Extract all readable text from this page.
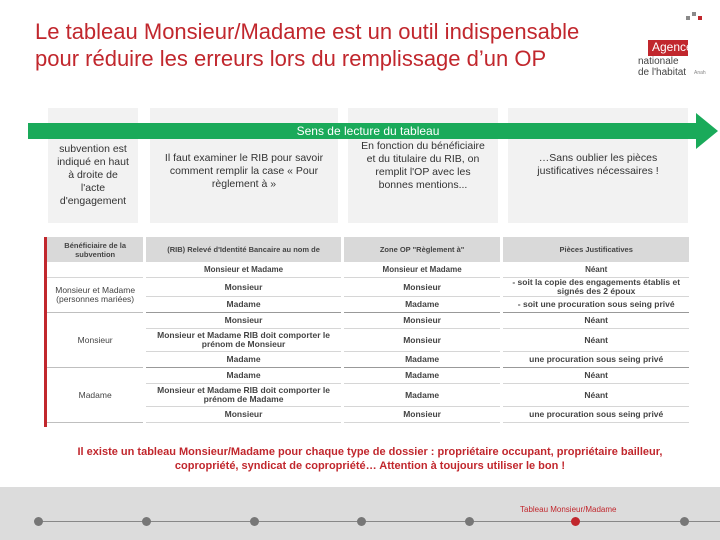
Le tableau Monsieur/Madame est un outil indispensable pour réduire les erreurs lors du remplissage d’un OP	Agence
nationale
de l'habitat Anah
subvention est
indiqué en haut
à droite de
l'acte
d'engagement
Il faut examiner le RIB pour savoir
comment remplir la case « Pour
règlement à »
En fonction du bénéficiaire
et du titulaire du RIB, on
remplit l'OP avec les
bonnes mentions...
…Sans oublier les pièces
justificatives nécessaires !
Sens de lecture du tableau
Bénéficiaire de la subvention	(RIB) Relevé d'Identité Bancaire au nom de	Zone OP "Règlement à"	Pièces Justificatives
	Monsieur et Madame	Monsieur et Madame	Néant
Monsieur et Madame (personnes mariées)	Monsieur	Monsieur	- soit la copie des engagements établis et signés des 2 époux
	Madame	Madame	- soit une procuration sous seing privé
Monsieur	Monsieur	Monsieur	Néant
	Monsieur et Madame RIB doit comporter le prénom de Monsieur	Monsieur	Néant
	Madame	Madame	une procuration sous seing privé
Madame	Madame	Madame	Néant
	Monsieur et Madame RIB doit comporter le prénom de Madame	Madame	Néant
	Monsieur	Monsieur	une procuration sous seing privé
Il existe un tableau Monsieur/Madame pour chaque type de dossier : propriétaire occupant, propriétaire bailleur, copropriété, syndicat de copropriété… Attention à toujours utiliser le bon !
Tableau Monsieur/Madame
